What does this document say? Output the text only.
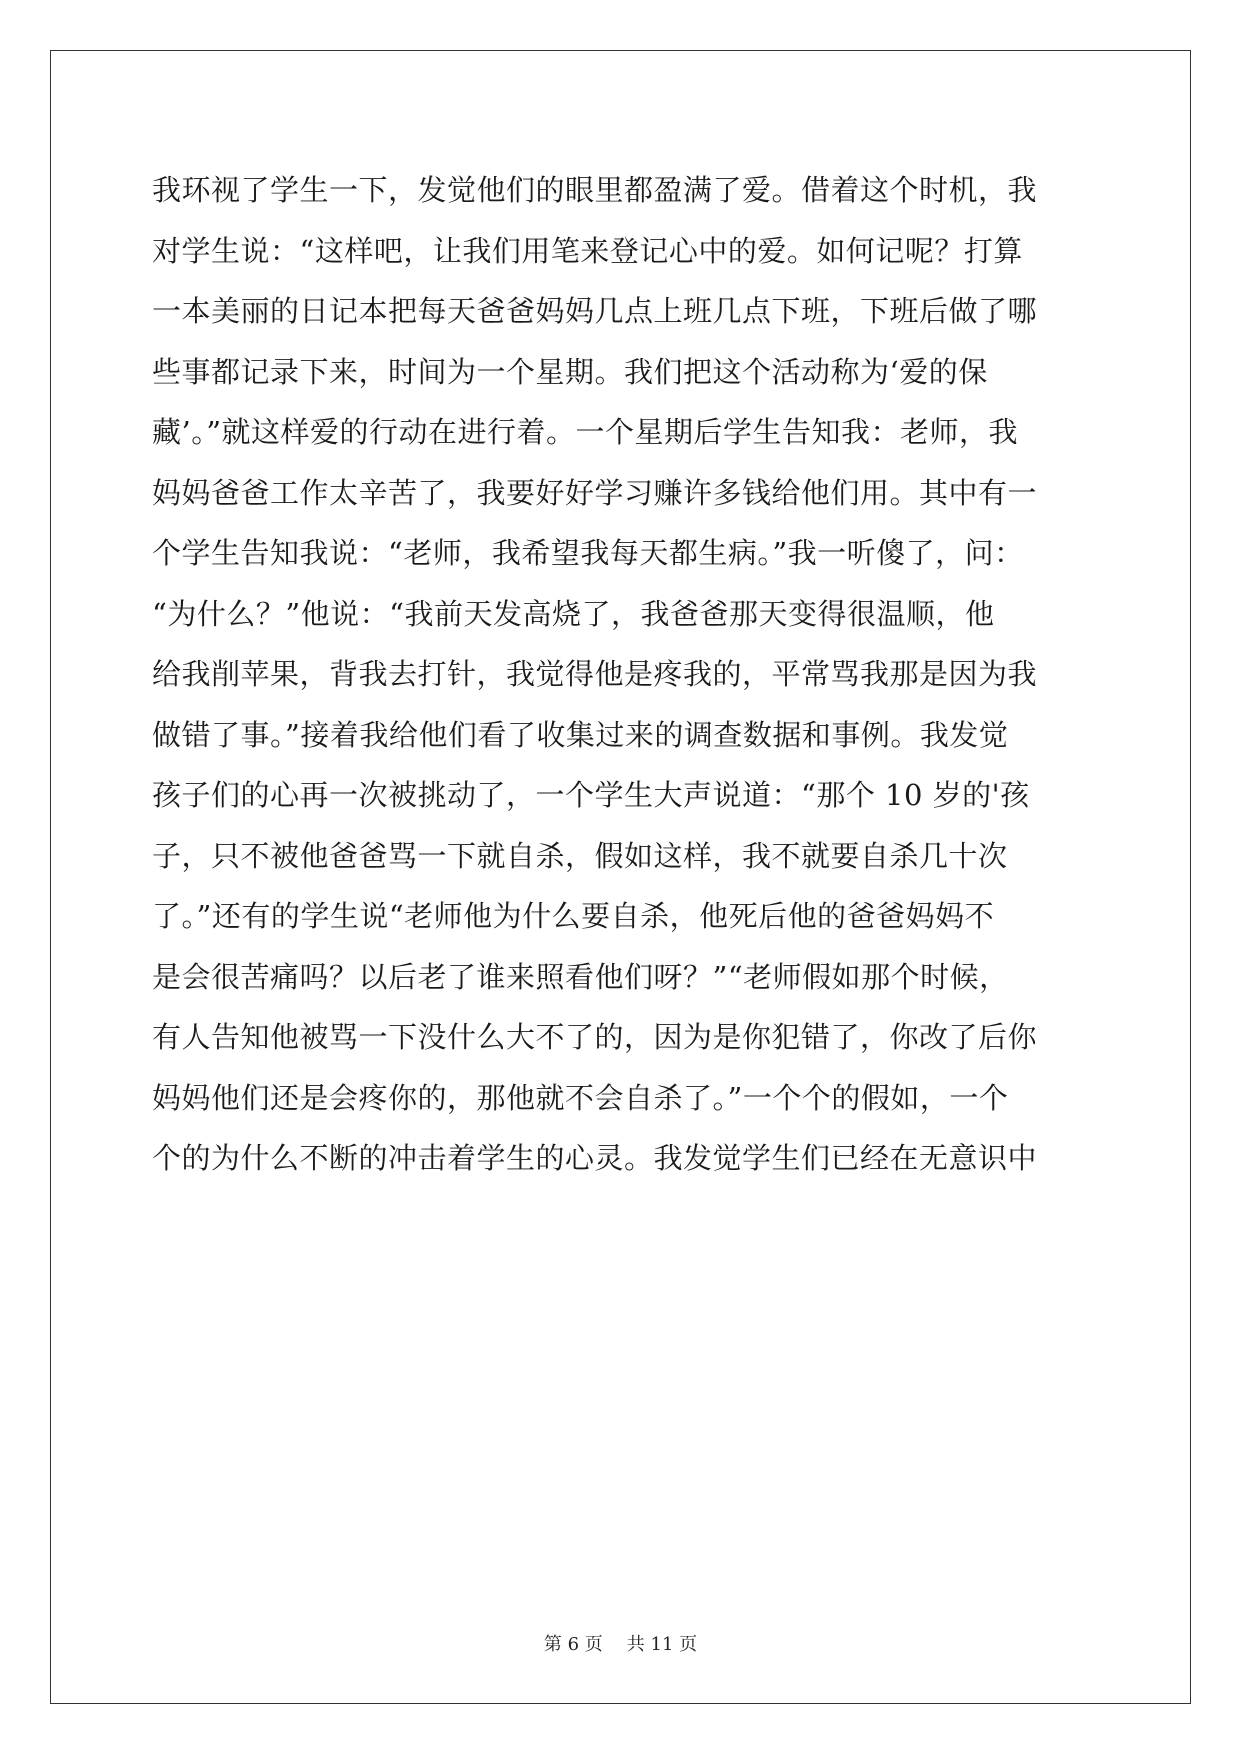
我环视了学生一下，发觉他们的眼里都盈满了爱。借着这个时机，我
对学生说：“这样吧，让我们用笔来登记心中的爱。如何记呢？打算
一本美丽的日记本把每天爸爸妈妈几点上班几点下班，下班后做了哪
些事都记录下来，时间为一个星期。我们把这个活动称为‘爱的保
藏’。”就这样爱的行动在进行着。一个星期后学生告知我：老师，我
妈妈爸爸工作太辛苦了，我要好好学习赚许多钱给他们用。其中有一
个学生告知我说：“老师，我希望我每天都生病。”我一听傻了，问：
“为什么？”他说：“我前天发高烧了，我爸爸那天变得很温顺，他
给我削苹果，背我去打针，我觉得他是疼我的，平常骂我那是因为我
做错了事。”接着我给他们看了收集过来的调查数据和事例。我发觉
孩子们的心再一次被挑动了，一个学生大声说道：“那个 10 岁的'孩
子，只不被他爸爸骂一下就自杀，假如这样，我不就要自杀几十次
了。”还有的学生说“老师他为什么要自杀，他死后他的爸爸妈妈不
是会很苦痛吗？以后老了谁来照看他们呀？”“老师假如那个时候，
有人告知他被骂一下没什么大不了的，因为是你犯错了，你改了后你
妈妈他们还是会疼你的，那他就不会自杀了。”一个个的假如，一个
个的为什么不断的冲击着学生的心灵。我发觉学生们已经在无意识中
第 6 页 共 11 页
